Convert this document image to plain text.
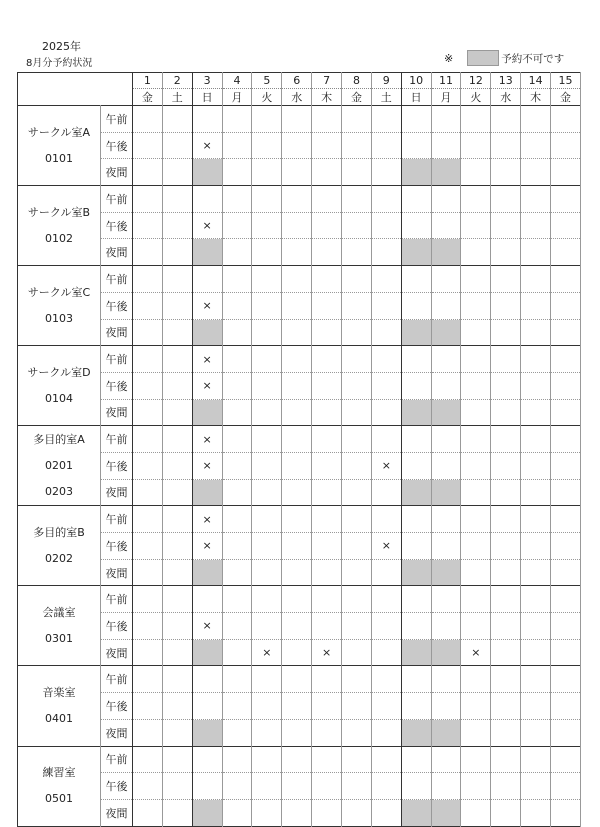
2025年
8月分予約状況	※	予約不可です
		1	2	3	4	5	6	7	8	9	10	11	12	13	14	15
		金	土	日	月	火	水	木	金	土	日	月	火	水	木	金

サークル室A
0101	午前															
	午後			×												
	夜間															

サークル室B
0102	午前															
	午後			×												
	夜間															

サークル室C
0103	午前															
	午後			×												
	夜間															

サークル室D
0104	午前			×												
	午後			×												
	夜間															

多目的室A
0201
0203	午前			×												
	午後			×						×						
	夜間															

多目的室B
0202	午前			×												
	午後			×						×						
	夜間															

会議室
0301	午前															
	午後			×												
	夜間					×		×					×			

音楽室
0401	午前															
	午後															
	夜間															

練習室
0501	午前															
	午後															
	夜間															
